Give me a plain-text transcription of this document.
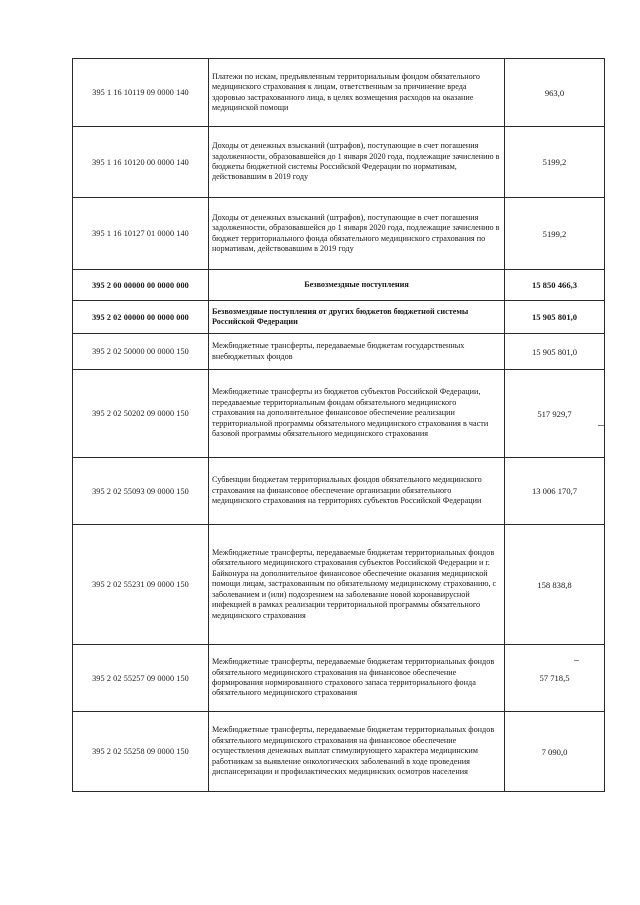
395 1 16 10119 09 0000 140	Платежи по искам, предъявленным территориальным фондом обязательного медицинского страхования к лицам, ответственным за причинение вреда здоровью застрахованного лица, в целях возмещения расходов на оказание медицинской помощи	963,0
395 1 16 10120 00 0000 140	Доходы от денежных взысканий (штрафов), поступающие в счет погашения задолженности, образовавшейся до 1 января 2020 года, подлежащие зачислению в бюджеты бюджетной системы Российской Федерации по нормативам, действовавшим в 2019 году	5199,2
395 1 16 10127 01 0000 140	Доходы от денежных взысканий (штрафов), поступающие в счет погашения задолженности, образовавшейся до 1 января 2020 года, подлежащие зачислению в бюджет территориального фонда обязательного медицинского страхования по нормативам, действовавшим в 2019 году	5199,2
395 2 00 00000 00 0000 000	Безвозмездные поступления	15 850 466,3
395 2 02 00000 00 0000 000	Безвозмездные поступления от других бюджетов бюджетной системы Российской Федерации	15 905 801,0
395 2 02 50000 00 0000 150	Межбюджетные трансферты, передаваемые бюджетам государственных внебюджетных фондов	15 905 801,0
395 2 02 50202 09 0000 150	Межбюджетные трансферты из бюджетов субъектов Российской Федерации, передаваемые территориальным фондам обязательного медицинского страхования на дополнительное финансовое обеспечение реализации территориальной программы обязательного медицинского страхования в части базовой программы обязательного медицинского страхования	517 929,7
395 2 02 55093 09 0000 150	Субвенции бюджетам территориальных фондов обязательного медицинского страхования на финансовое обеспечение организации обязательного медицинского страхования на территориях субъектов Российской Федерации	13 006 170,7
395 2 02 55231 09 0000 150	Межбюджетные трансферты, передаваемые бюджетам территориальных фондов обязательного медицинского страхования субъектов Российской Федерации и г. Байконура на дополнительное финансовое обеспечение оказания медицинской помощи лицам, застрахованным по обязательному медицинскому страхованию, с заболеванием и (или) подозрением на заболевание новой коронавирусной инфекцией в рамках реализации территориальной программы обязательного медицинского страхования	158 838,8
395 2 02 55257 09 0000 150	Межбюджетные трансферты, передаваемые бюджетам территориальных фондов обязательного медицинского страхования на финансовое обеспечение формирования нормированного страхового запаса территориального фонда обязательного медицинского страхования	57 718,5
395 2 02 55258 09 0000 150	Межбюджетные трансферты, передаваемые бюджетам территориальных фондов обязательного медицинского страхования на финансовое обеспечение осуществления денежных выплат стимулирующего характера медицинским работникам за выявление онкологических заболеваний в ходе проведения диспансеризации и профилактических медицинских осмотров населения	7 090,0
